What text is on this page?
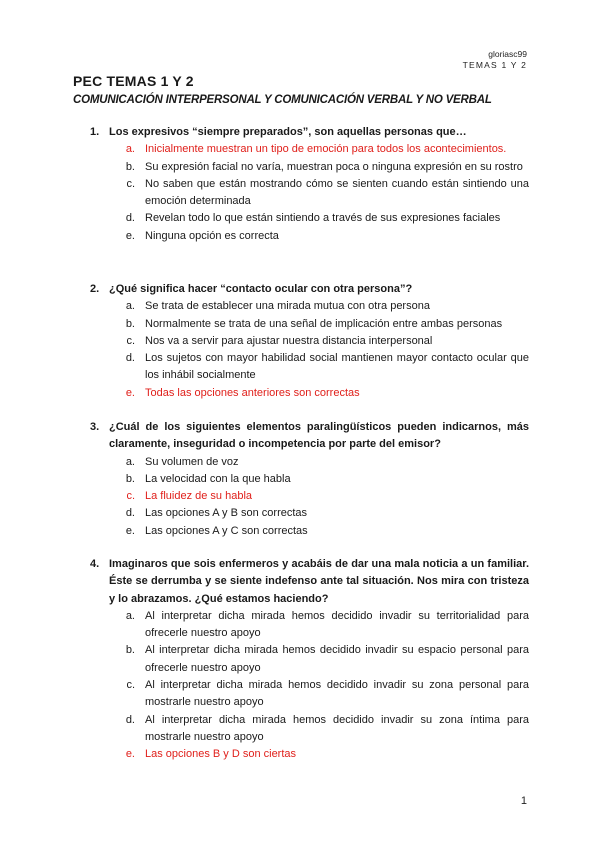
gloriasc99
TEMAS 1 Y 2
PEC TEMAS 1 Y 2
COMUNICACIÓN INTERPERSONAL Y COMUNICACIÓN VERBAL Y NO VERBAL
1. Los expresivos “siempre preparados”, son aquellas personas que…
a. Inicialmente muestran un tipo de emoción para todos los acontecimientos.
b. Su expresión facial no varía, muestran poca o ninguna expresión en su rostro
c. No saben que están mostrando cómo se sienten cuando están sintiendo una emoción determinada
d. Revelan todo lo que están sintiendo a través de sus expresiones faciales
e. Ninguna opción es correcta
2. ¿Qué significa hacer “contacto ocular con otra persona”?
a. Se trata de establecer una mirada mutua con otra persona
b. Normalmente se trata de una señal de implicación entre ambas personas
c. Nos va a servir para ajustar nuestra distancia interpersonal
d. Los sujetos con mayor habilidad social mantienen mayor contacto ocular que los inhábil socialmente
e. Todas las opciones anteriores son correctas
3. ¿Cuál de los siguientes elementos paralingüísticos pueden indicarnos, más claramente, inseguridad o incompetencia por parte del emisor?
a. Su volumen de voz
b. La velocidad con la que habla
c. La fluidez de su habla
d. Las opciones A y B son correctas
e. Las opciones A y C son correctas
4. Imaginaros que sois enfermeros y acabáis de dar una mala noticia a un familiar. Éste se derrumba y se siente indefenso ante tal situación. Nos mira con tristeza y lo abrazamos. ¿Qué estamos haciendo?
a. Al interpretar dicha mirada hemos decidido invadir su territorialidad para ofrecerle nuestro apoyo
b. Al interpretar dicha mirada hemos decidido invadir su espacio personal para ofrecerle nuestro apoyo
c. Al interpretar dicha mirada hemos decidido invadir su zona personal para mostrarle nuestro apoyo
d. Al interpretar dicha mirada hemos decidido invadir su zona íntima para mostrarle nuestro apoyo
e. Las opciones B y D son ciertas
1
